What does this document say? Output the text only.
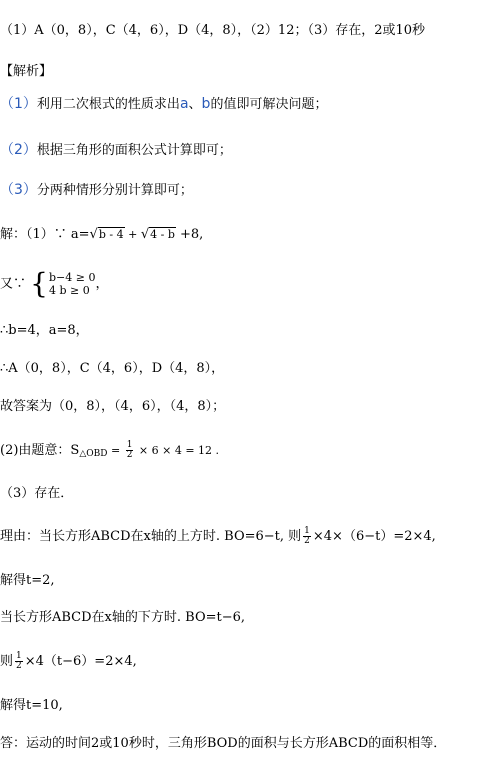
（1）A（0，8），C（4，6），D（4，8），（2）12；（3）存在，2或10秒
【解析】
（1）利用二次根式的性质求出a、b的值即可解决问题；
（2）根据三角形的面积公式计算即可；
（3）分两种情形分别计算即可；
解：（1）∵ a=√b - 4 + √4 - b +8,
又∵ { b−4 ≥ 0
4 b ≥ 0 ，
∴b=4，a=8，
∴A（0，8），C（4，6），D（4，8），
故答案为（0，8），（4，6），（4，8）；
(2)由题意：$S_{\triangle OBD} = \frac{1}{2} \times 6 \times 4 = 12$ .
（3）存在．
理由：当长方形ABCD在x轴的上方时. BO=6−t, 则 $\frac{1}{2} \times 4\times(6-t)=2\times 4$,
解得t=2,
当长方形ABCD在x轴的下方时. BO=t−6,
则 $\frac{1}{2} \times 4(t-6)=2\times 4$,
解得t=10,
答：运动的时间2或10秒时，三角形BOD的面积与长方形ABCD的面积相等．
